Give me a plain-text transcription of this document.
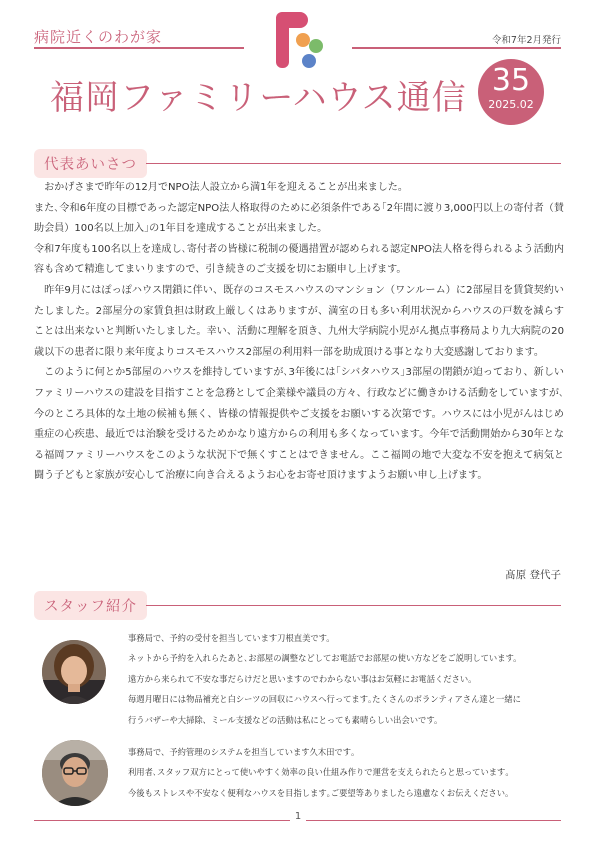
病院近くのわが家	令和7年2月発行
福岡ファミリーハウス通信 35
2025.02
代表あいさつ

おかげさまで昨年の12月でNPO法人設立から満1年を迎えることが出来ました。

また､令和6年度の目標であった認定NPO法人格取得のために必須条件である｢2年間に渡り3,000円以上の寄付者（賛助会員）100名以上加入｣の1年目を達成することが出来ました。

令和7年度も100名以上を達成し､寄付者の皆様に税制の優遇措置が認められる認定NPO法人格を得られるよう活動内容も含めて精進してまいりますので、引き続きのご支援を切にお願申し上げます。

昨年9月にはぽっぽハウス閉鎖に伴い、既存のコスモスハウスのマンション（ワンルーム）に2部屋目を賃貸契約いたしました。2部屋分の家賃負担は財政上厳しくはありますが、満室の日も多い利用状況からハウスの戸数を減らすことは出来ないと判断いたしました。幸い、活動に理解を頂き、九州大学病院小児がん拠点事務局より九大病院の20歳以下の患者に限り来年度よりコスモスハウス2部屋の利用料一部を助成頂ける事となり大変感謝しております。

このように何とか5部屋のハウスを維持していますが､3年後には｢シバタハウス｣3部屋の閉鎖が迫っており、新しいファミリーハウスの建設を目指すことを急務として企業様や議員の方々、行政などに働きかける活動をしていますが､今のところ具体的な土地の候補も無く、皆様の情報提供やご支援をお願いする次第です。ハウスには小児がんはじめ重症の心疾患、最近では治験を受けるためかなり遠方からの利用も多くなっています。今年で活動開始から30年となる福岡ファミリーハウスをこのような状況下で無くすことはできません。ここ福岡の地で大変な不安を抱えて病気と闘う子どもと家族が安心して治療に向き合えるようお心をお寄せ頂けますようお願い申し上げます。

髙原 登代子
スタッフ紹介

事務局で、予約の受付を担当しています刀根直美です。

ネットから予約を入れらたあと､お部屋の調整などしてお電話でお部屋の使い方などをご説明しています。

遠方から来られて不安な事だらけだと思いますのでわからない事はお気軽にお電話ください。

毎週月曜日には物品補充と白シーツの回収にハウスへ行ってます｡たくさんのボランティアさん達と一緒に

行うバザーや大掃除、ミール支援などの活動は私にとっても素晴らしい出会いです。

事務局で、予約管理のシステムを担当しています久木田です｡

利用者､スタッフ双方にとって使いやすく効率の良い仕組み作りで運営を支えられたらと思っています｡

今後もストレスや不安なく便利なハウスを目指します｡ご要望等ありましたら遠慮なくお伝えください。

1
